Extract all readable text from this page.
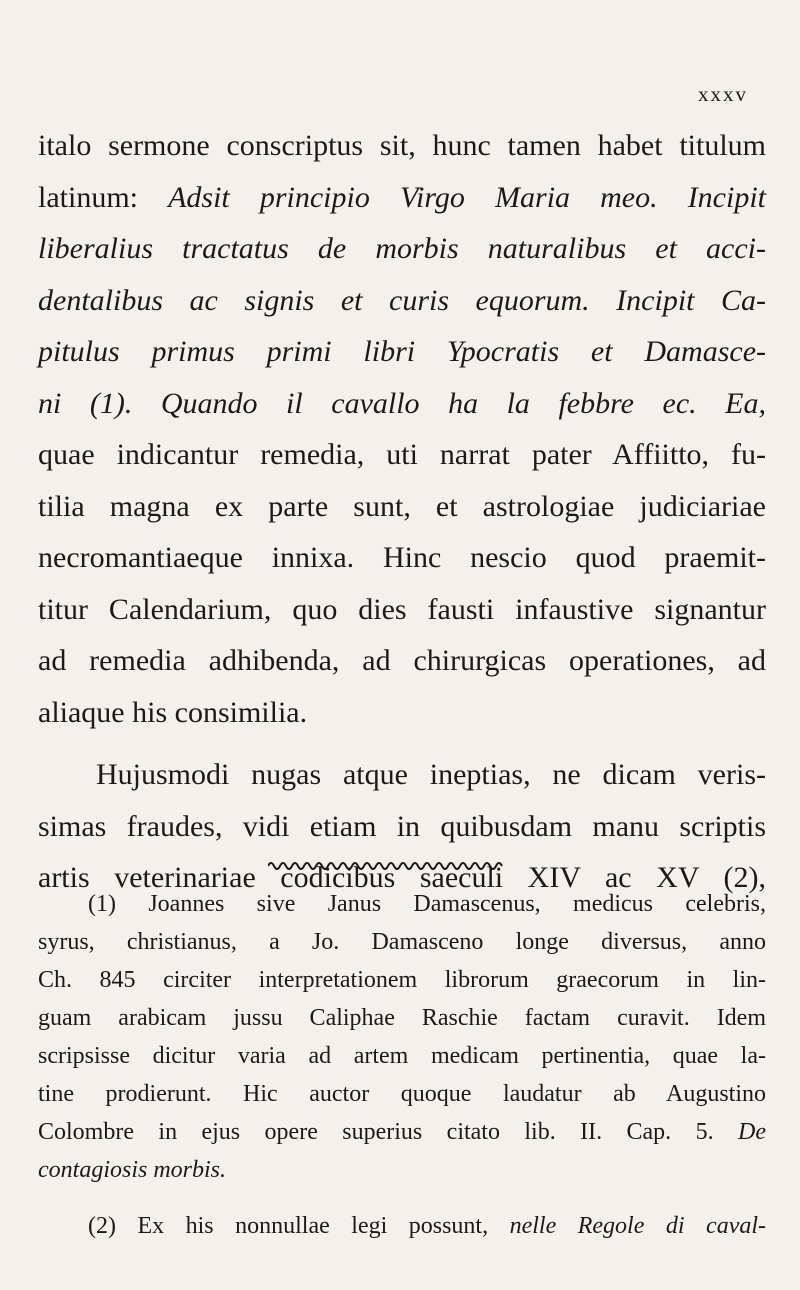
xxxv
italo sermone conscriptus sit, hunc tamen habet titulum
latinum: Adsit principio Virgo Maria meo. Incipit
liberalius tractatus de morbis naturalibus et acci-
dentalibus ac signis et curis equorum. Incipit Ca-
pitulus primus primi libri Ypocratis et Damasce-
ni (1). Quando il cavallo ha la febbre ec. Ea,
quae indicantur remedia, uti narrat pater Affiitto, fu-
tilia magna ex parte sunt, et astrologiae judiciariae
necromantiaeque innixa. Hinc nescio quod praemit-
titur Calendarium, quo dies fausti infaustive signantur
ad remedia adhibenda, ad chirurgicas operationes, ad
aliaque his consimilia.
Hujusmodi nugas atque ineptias, ne dicam veris-
simas fraudes, vidi etiam in quibusdam manu scriptis
artis veterinariae codicibus saeculi XIV ac XV (2),
(1) Joannes sive Janus Damascenus, medicus celebris,
syrus, christianus, a Jo. Damasceno longe diversus, anno
Ch. 845 circiter interpretationem librorum graecorum in lin-
guam arabicam jussu Caliphae Raschie factam curavit. Idem
scripsisse dicitur varia ad artem medicam pertinentia, quae la-
tine prodierunt. Hic auctor quoque laudatur ab Augustino
Colombre in ejus opere superius citato lib. II. Cap. 5. De
contagiosis morbis.
(2) Ex his nonnullae legi possunt, nelle Regole di caval-
